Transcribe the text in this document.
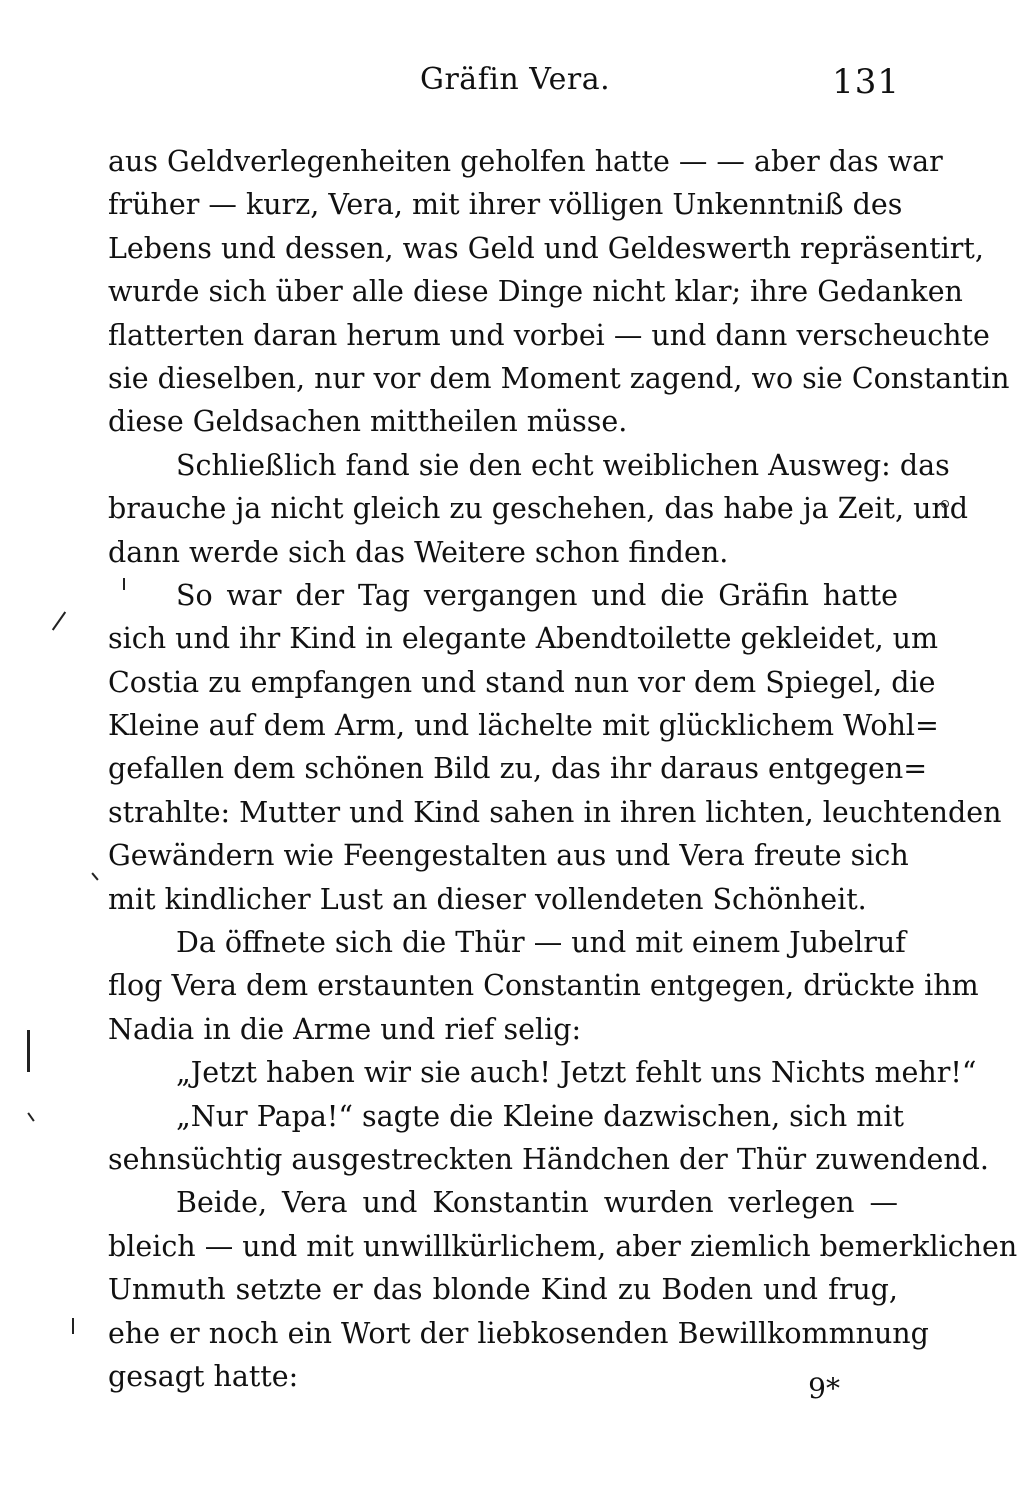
Gräfin Vera.	131
aus Geldverlegenheiten geholfen hatte — — aber das war
früher — kurz, Vera, mit ihrer völligen Unkenntniß des
Lebens und dessen, was Geld und Geldeswerth repräsentirt,
wurde sich über alle diese Dinge nicht klar; ihre Gedanken
flatterten daran herum und vorbei — und dann verscheuchte
sie dieselben, nur vor dem Moment zagend, wo sie Constantin
diese Geldsachen mittheilen müsse.
Schließlich fand sie den echt weiblichen Ausweg: das
brauche ja nicht gleich zu geschehen, das habe ja Zeit, und
dann werde sich das Weitere schon finden.
So war der Tag vergangen und die Gräfin hatte
sich und ihr Kind in elegante Abendtoilette gekleidet, um
Costia zu empfangen und stand nun vor dem Spiegel, die
Kleine auf dem Arm, und lächelte mit glücklichem Wohl=
gefallen dem schönen Bild zu, das ihr daraus entgegen=
strahlte: Mutter und Kind sahen in ihren lichten, leuchtenden
Gewändern wie Feengestalten aus und Vera freute sich
mit kindlicher Lust an dieser vollendeten Schönheit.
Da öffnete sich die Thür — und mit einem Jubelruf
flog Vera dem erstaunten Constantin entgegen, drückte ihm
Nadia in die Arme und rief selig:
„Jetzt haben wir sie auch! Jetzt fehlt uns Nichts mehr!“
„Nur Papa!“ sagte die Kleine dazwischen, sich mit
sehnsüchtig ausgestreckten Händchen der Thür zuwendend.
Beide, Vera und Konstantin wurden verlegen —
bleich — und mit unwillkürlichem, aber ziemlich bemerklichen
Unmuth setzte er das blonde Kind zu Boden und frug,
ehe er noch ein Wort der liebkosenden Bewillkommnung
gesagt hatte:	9*
